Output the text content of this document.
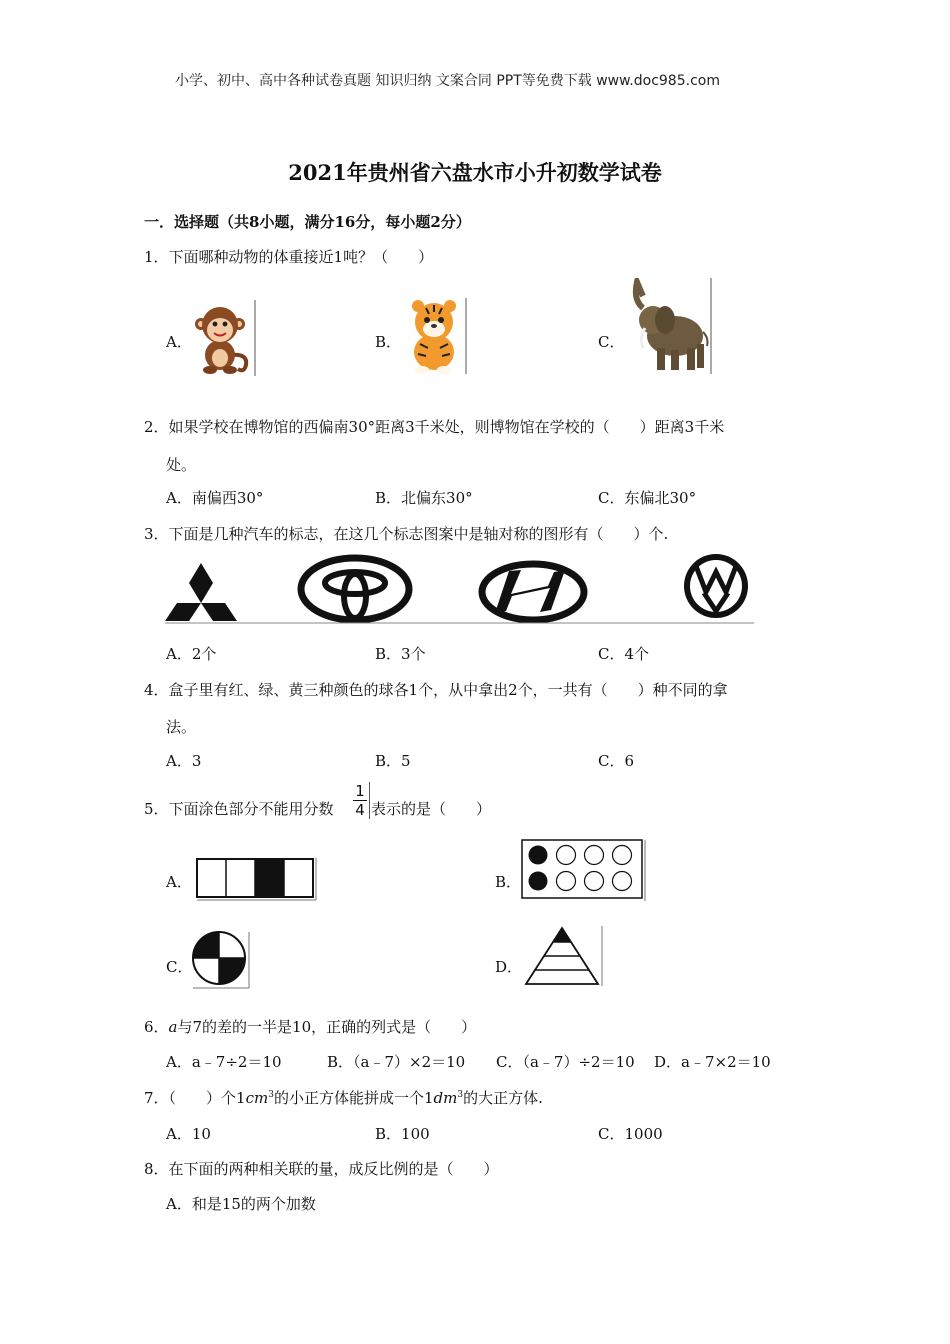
小学、初中、高中各种试卷真题 知识归纳 文案合同 PPT等免费下载 www.doc985.com
2021年贵州省六盘水市小升初数学试卷
一．选择题（共8小题，满分16分，每小题2分）
1．下面哪种动物的体重接近1吨？（　　）
A．	B．	C．
2．如果学校在博物馆的西偏南30°距离3千米处，则博物馆在学校的（　　）距离3千米
处。
A．南偏西30°	B．北偏东30°	C．东偏北30°
3．下面是几种汽车的标志，在这几个标志图案中是轴对称的图形有（　　）个.
A．2个	B．3个	C．4个
4．盒子里有红、绿、黄三种颜色的球各1个，从中拿出2个，一共有（　　）种不同的拿
法。
A．3	B．5	C．6
5．下面涂色部分不能用分数 $\frac{1}{4}$ 表示的是（　　）
A．	B．
C．	D．
6．a与7的差的一半是10，正确的列式是（　　）
A．a﹣7÷2＝10	B．（a﹣7）×2＝10 C．（a﹣7）÷2＝10 D．a﹣7×2＝10
7．（　　）个$1cm^3$的小正方体能拼成一个$1dm^3$的大正方体.
A．10	B．100	C．1000
8．在下面的两种相关联的量，成反比例的是（　　）
A．和是15的两个加数
